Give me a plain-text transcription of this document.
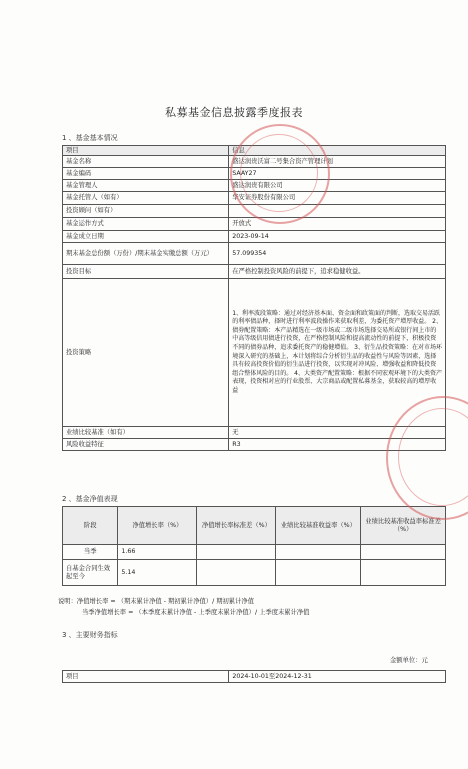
私募基金信息披露季度报表
1 、基金基本情况
项目	信息
基金名称	盛达润贵沃富二号集合资产管理计划
基金编码	SAAY27
基金管理人	盛达润贵有限公司
基金托管人（如有）	华安证券股份有限公司
投资顾问（如有）	
基金运作方式	开放式
基金成立日期	2023-09-14
期末基金总份额（万份）/期末基金实缴总额（万元）	57.099354
投资目标	在严格控制投资风险的前提下，追求稳健收益。
投资策略	1、利率波段策略：通过对经济基本面、资金面和政策面的判断，选取交易活跃的利率债品种，择时进行利率波段操作来获取利差，为委托资产增厚收益。 2、债券配置策略：本产品精选在一级市场或二级市场选择交易所或银行间上市的中高等级信用债进行投资，在严格控制风险和提高流动性的前提下，积极投资不同的债券品种，追求委托资产的稳健增值。 3、衍生品投资策略：在对市场环境深入研究的基础上，本计划将综合分析衍生品的收益性与风险等因素，选择具有较高投资价值的衍生品进行投资，以实现对冲风险、增强收益和降低投资组合整体风险的目的。 4、大类资产配置策略：根据不同宏观环境下的大类资产表现，投资相对应的行业股票、大宗商品或配置私募基金，获取较高的增厚收益
业绩比较基准（如有）	无
风险收益特征	R3
2 、基金净值表现
阶段	净值增长率（%）	净值增长率标准差（%）	业绩比较基准收益率（%）	业绩比较基准收益率标准差（%）
当季	1.66			
自基金合同生效起至今	5.14			
说明：净值增长率 = （期末累计净值 - 期初累计净值）/ 期初累计净值
当季净值增长率 = （本季度末累计净值 - 上季度末累计净值）/ 上季度末累计净值
3 、主要财务指标
金额单位：元
项目	2024-10-01至2024-12-31
